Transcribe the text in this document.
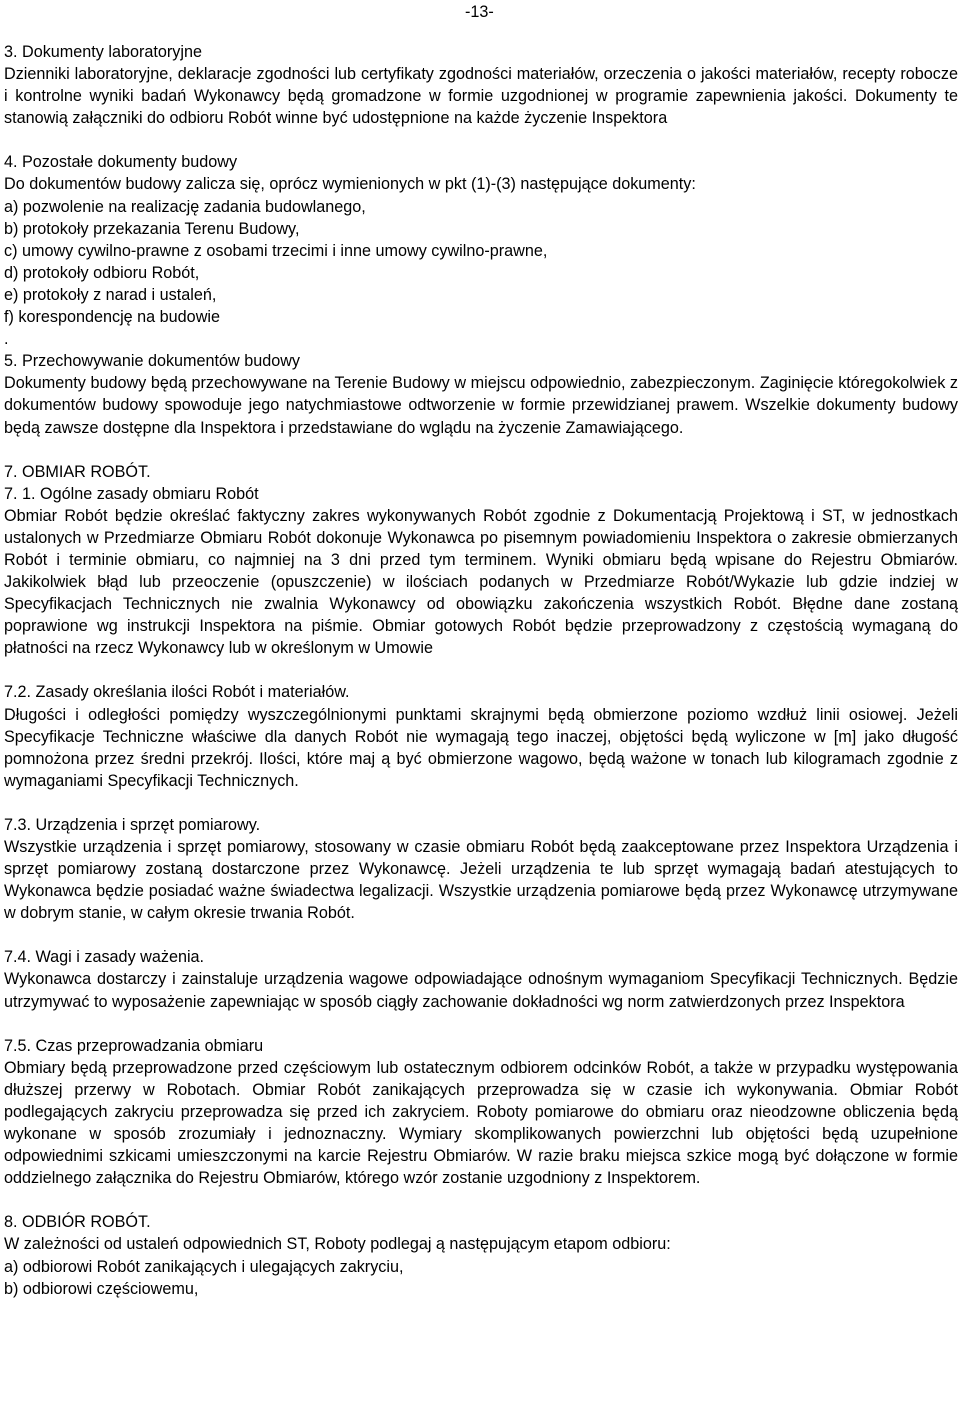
-13-

3. Dokumenty laboratoryjne

Dzienniki laboratoryjne, deklaracje zgodności lub certyfikaty zgodności materiałów, orzeczenia o jakości materiałów, recepty robocze i kontrolne wyniki badań Wykonawcy będą gromadzone w formie uzgodnionej w programie zapewnienia jakości. Dokumenty te stanowią załączniki do odbioru Robót winne być udostępnione na każde życzenie Inspektora

4. Pozostałe dokumenty budowy

Do dokumentów budowy zalicza się, oprócz wymienionych w pkt (1)-(3) następujące dokumenty:

a) pozwolenie na realizację zadania budowlanego,

b) protokoły przekazania Terenu Budowy,

c) umowy cywilno-prawne z osobami trzecimi i inne umowy cywilno-prawne,

d) protokoły odbioru Robót,

e) protokoły z narad i ustaleń,

f) korespondencję na budowie

.

5. Przechowywanie dokumentów budowy

Dokumenty budowy będą przechowywane na Terenie Budowy w miejscu odpowiednio, zabezpieczonym. Zaginięcie któregokolwiek z dokumentów budowy spowoduje jego natychmiastowe odtworzenie w formie przewidzianej prawem. Wszelkie dokumenty budowy będą zawsze dostępne dla Inspektora i przedstawiane do wglądu na życzenie Zamawiającego.

7. OBMIAR ROBÓT.

7. 1. Ogólne zasady obmiaru Robót

Obmiar Robót będzie określać faktyczny zakres wykonywanych Robót zgodnie z Dokumentacją Projektową i ST, w jednostkach ustalonych w Przedmiarze Obmiaru Robót dokonuje Wykonawca po pisemnym powiadomieniu Inspektora o zakresie obmierzanych Robót i terminie obmiaru, co najmniej na 3 dni przed tym terminem. Wyniki obmiaru będą wpisane do Rejestru Obmiarów. Jakikolwiek błąd lub przeoczenie (opuszczenie) w ilościach podanych w Przedmiarze Robót/Wykazie lub gdzie indziej w Specyfikacjach Technicznych nie zwalnia Wykonawcy od obowiązku zakończenia wszystkich Robót. Błędne dane zostaną poprawione wg instrukcji Inspektora na piśmie. Obmiar gotowych Robót będzie przeprowadzony z częstością wymaganą do płatności na rzecz Wykonawcy lub w określonym w Umowie

7.2. Zasady określania ilości Robót i materiałów.

Długości i odległości pomiędzy wyszczególnionymi punktami skrajnymi będą obmierzone poziomo wzdłuż linii osiowej. Jeżeli Specyfikacje Techniczne właściwe dla danych Robót nie wymagają tego inaczej, objętości będą wyliczone w [m] jako długość pomnożona przez średni przekrój. Ilości, które maj ą być obmierzone wagowo, będą ważone w tonach lub kilogramach zgodnie z wymaganiami Specyfikacji Technicznych.

7.3. Urządzenia i sprzęt pomiarowy.

Wszystkie urządzenia i sprzęt pomiarowy, stosowany w czasie obmiaru Robót będą zaakceptowane przez Inspektora Urządzenia i sprzęt pomiarowy zostaną dostarczone przez Wykonawcę. Jeżeli urządzenia te lub sprzęt wymagają badań atestujących to Wykonawca będzie posiadać ważne świadectwa legalizacji. Wszystkie urządzenia pomiarowe będą przez Wykonawcę utrzymywane w dobrym stanie, w całym okresie trwania Robót.

7.4. Wagi i zasady ważenia.

Wykonawca dostarczy i zainstaluje urządzenia wagowe odpowiadające odnośnym wymaganiom Specyfikacji Technicznych. Będzie utrzymywać to wyposażenie zapewniając w sposób ciągły zachowanie dokładności wg norm zatwierdzonych przez Inspektora

7.5. Czas przeprowadzania obmiaru

Obmiary będą przeprowadzone przed częściowym lub ostatecznym odbiorem odcinków Robót, a także w przypadku występowania dłuższej przerwy w Robotach. Obmiar Robót zanikających przeprowadza się w czasie ich wykonywania. Obmiar Robót podlegających zakryciu przeprowadza się przed ich zakryciem. Roboty pomiarowe do obmiaru oraz nieodzowne obliczenia będą wykonane w sposób zrozumiały i jednoznaczny. Wymiary skomplikowanych powierzchni lub objętości będą uzupełnione odpowiednimi szkicami umieszczonymi na karcie Rejestru Obmiarów. W razie braku miejsca szkice mogą być dołączone w formie oddzielnego załącznika do Rejestru Obmiarów, którego wzór zostanie uzgodniony z Inspektorem.

8. ODBIÓR ROBÓT.

W zależności od ustaleń odpowiednich ST, Roboty podlegaj ą następującym etapom odbioru:

a) odbiorowi Robót zanikających i ulegających zakryciu,

b) odbiorowi częściowemu,
